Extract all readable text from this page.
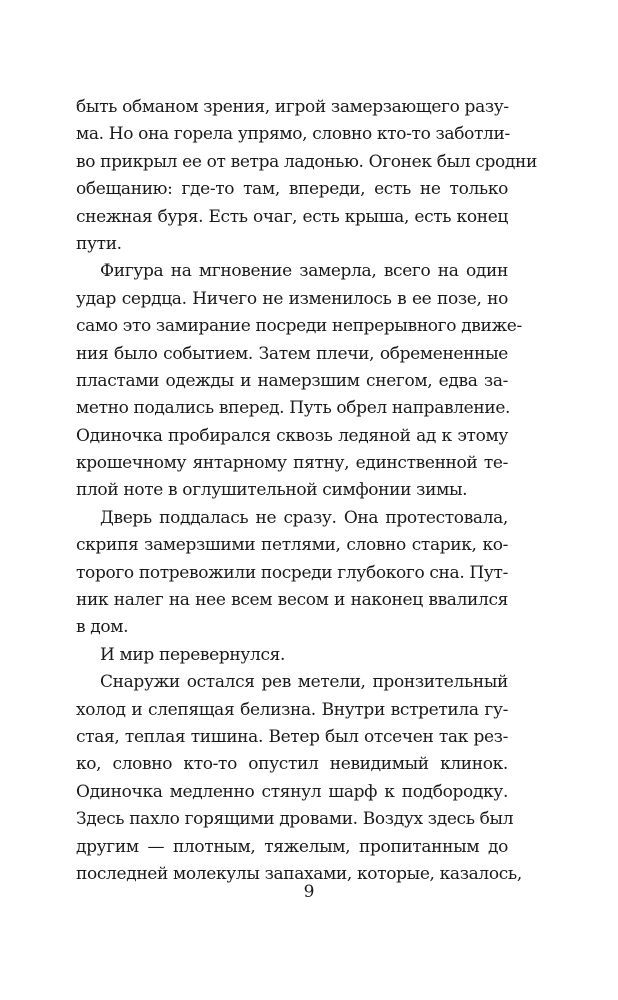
быть обманом зрения, игрой замерзающего разу-
ма. Но она горела упрямо, словно кто-то заботли-
во прикрыл ее от ветра ладонью. Огонек был сродни
обещанию: где-то там, впереди, есть не только
снежная буря. Есть очаг, есть крыша, есть конец
пути.
Фигура на мгновение замерла, всего на один
удар сердца. Ничего не изменилось в ее позе, но
само это замирание посреди непрерывного движе-
ния было событием. Затем плечи, обремененные
пластами одежды и намерзшим снегом, едва за-
метно подались вперед. Путь обрел направление.
Одиночка пробирался сквозь ледяной ад к этому
крошечному янтарному пятну, единственной те-
плой ноте в оглушительной симфонии зимы.
Дверь поддалась не сразу. Она протестовала,
скрипя замерзшими петлями, словно старик, ко-
торого потревожили посреди глубокого сна. Пут-
ник налег на нее всем весом и наконец ввалился
в дом.
И мир перевернулся.
Снаружи остался рев метели, пронзительный
холод и слепящая белизна. Внутри встретила гу-
стая, теплая тишина. Ветер был отсечен так рез-
ко, словно кто-то опустил невидимый клинок.
Одиночка медленно стянул шарф к подбородку.
Здесь пахло горящими дровами. Воздух здесь был
другим — плотным, тяжелым, пропитанным до
последней молекулы запахами, которые, казалось,
9
